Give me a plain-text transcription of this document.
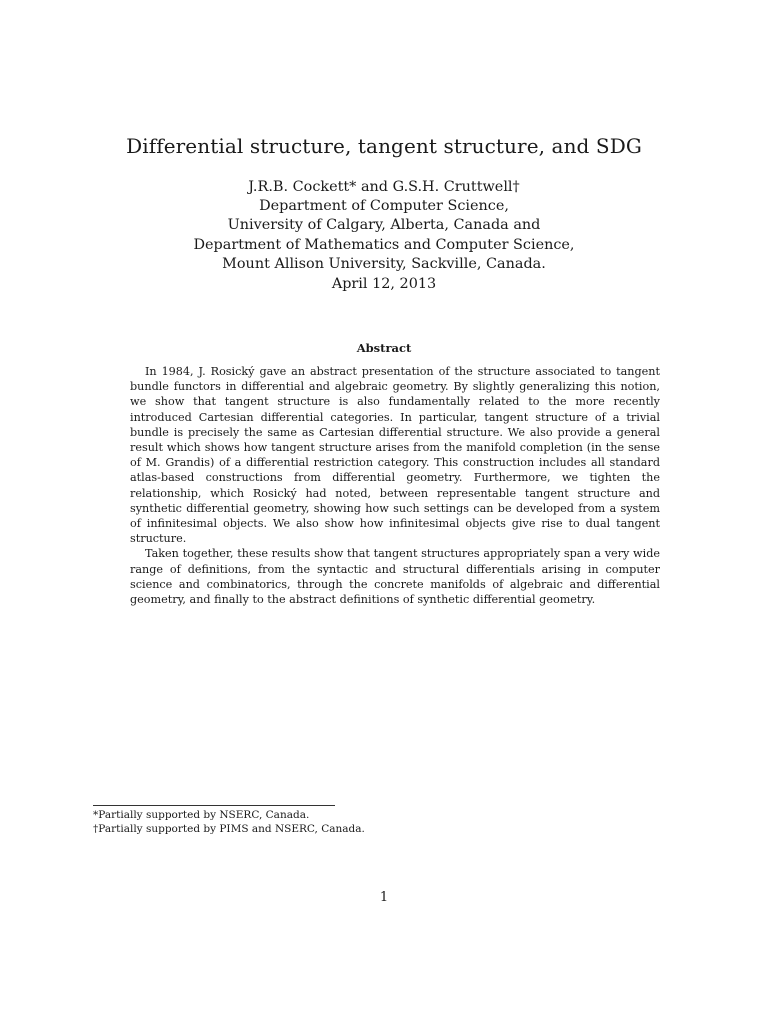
Differential structure, tangent structure, and SDG
J.R.B. Cockett* and G.S.H. Cruttwell†
Department of Computer Science,
University of Calgary, Alberta, Canada and
Department of Mathematics and Computer Science,
Mount Allison University, Sackville, Canada.
April 12, 2013
Abstract

In 1984, J. Rosický gave an abstract presentation of the structure associated to tangent bundle functors in differential and algebraic geometry. By slightly generalizing this notion, we show that tangent structure is also fundamentally related to the more recently introduced Cartesian differential categories. In particular, tangent structure of a trivial bundle is precisely the same as Cartesian differential structure. We also provide a general result which shows how tangent structure arises from the manifold completion (in the sense of M. Grandis) of a differential restriction category. This construction includes all standard atlas-based constructions from differential geometry. Furthermore, we tighten the relationship, which Rosický had noted, between representable tangent structure and synthetic differential geometry, showing how such settings can be developed from a system of infinitesimal objects. We also show how infinitesimal objects give rise to dual tangent structure.

Taken together, these results show that tangent structures appropriately span a very wide range of definitions, from the syntactic and structural differentials arising in computer science and combinatorics, through the concrete manifolds of algebraic and differential geometry, and finally to the abstract definitions of synthetic differential geometry.

*Partially supported by NSERC, Canada.
†Partially supported by PIMS and NSERC, Canada.
1
